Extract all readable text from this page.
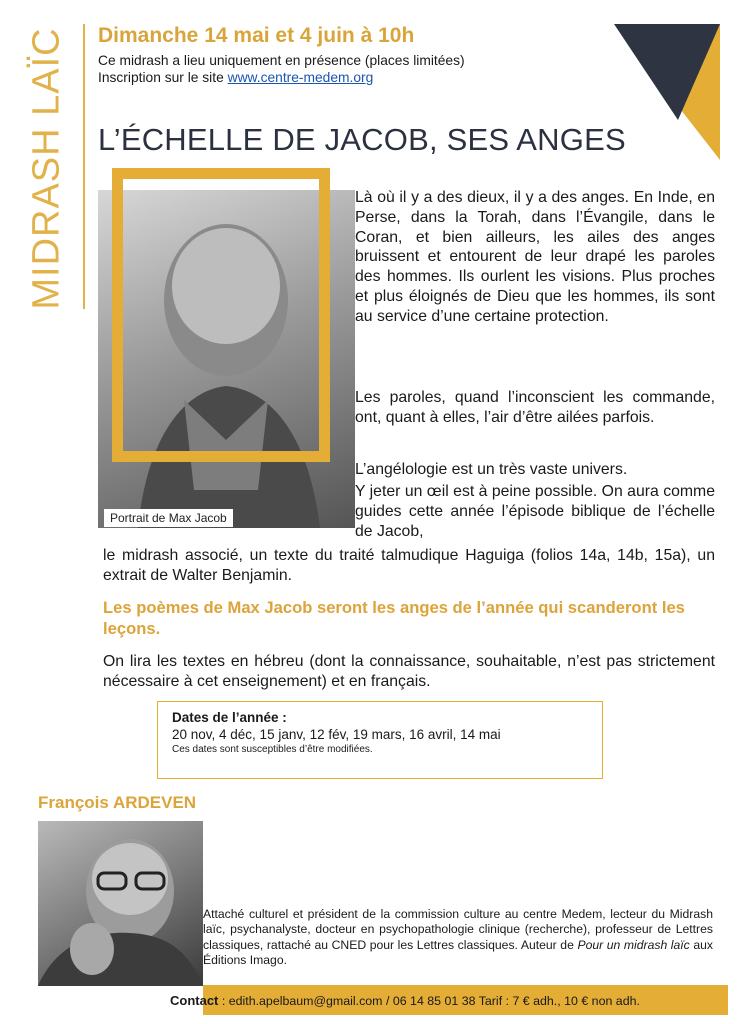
MIDRASH LAÏC Dimanche 14 mai et 4 juin à 10h
Ce midrash a lieu uniquement en présence (places limitées)
Inscription sur le site www.centre-medem.org
L’ÉCHELLE DE JACOB, SES ANGES
Portrait de Max Jacob
Là où il y a des dieux, il y a des anges. En Inde, en Perse, dans la Torah, dans l’Évangile, dans le Coran, et bien ailleurs, les ailes des anges bruissent et entourent de leur drapé les paroles des hommes. Ils ourlent les visions. Plus proches et plus éloignés de Dieu que les hommes, ils sont au service d’une certaine protection.
Les paroles, quand l’inconscient les commande, ont, quant à elles, l’air d’être ailées parfois.
L’angélologie est un très vaste univers.
Y jeter un œil est à peine possible. On aura comme guides cette année l’épisode biblique de l’échelle de Jacob,
le midrash associé, un texte du traité talmudique Haguiga (folios 14a, 14b, 15a), un extrait de Walter Benjamin.
Les poèmes de Max Jacob seront les anges de l’année qui scanderont les leçons.
On lira les textes en hébreu (dont la connaissance, souhaitable, n’est pas strictement nécessaire à cet enseignement) et en français.
Dates de l’année :
20 nov, 4 déc, 15 janv, 12 fév, 19 mars, 16 avril, 14 mai
Ces dates sont susceptibles d’être modifiées.
François ARDEVEN
Attaché culturel et président de la commission culture au centre Medem, lecteur du Midrash laïc, psychanalyste, docteur en psychopathologie clinique (recherche), professeur de Lettres classiques, rattaché au CNED pour les Lettres classiques. Auteur de Pour un midrash laïc aux Éditions Imago.
Contact : edith.apelbaum@gmail.com / 06 14 85 01 38 Tarif : 7 € adh., 10 € non adh.
